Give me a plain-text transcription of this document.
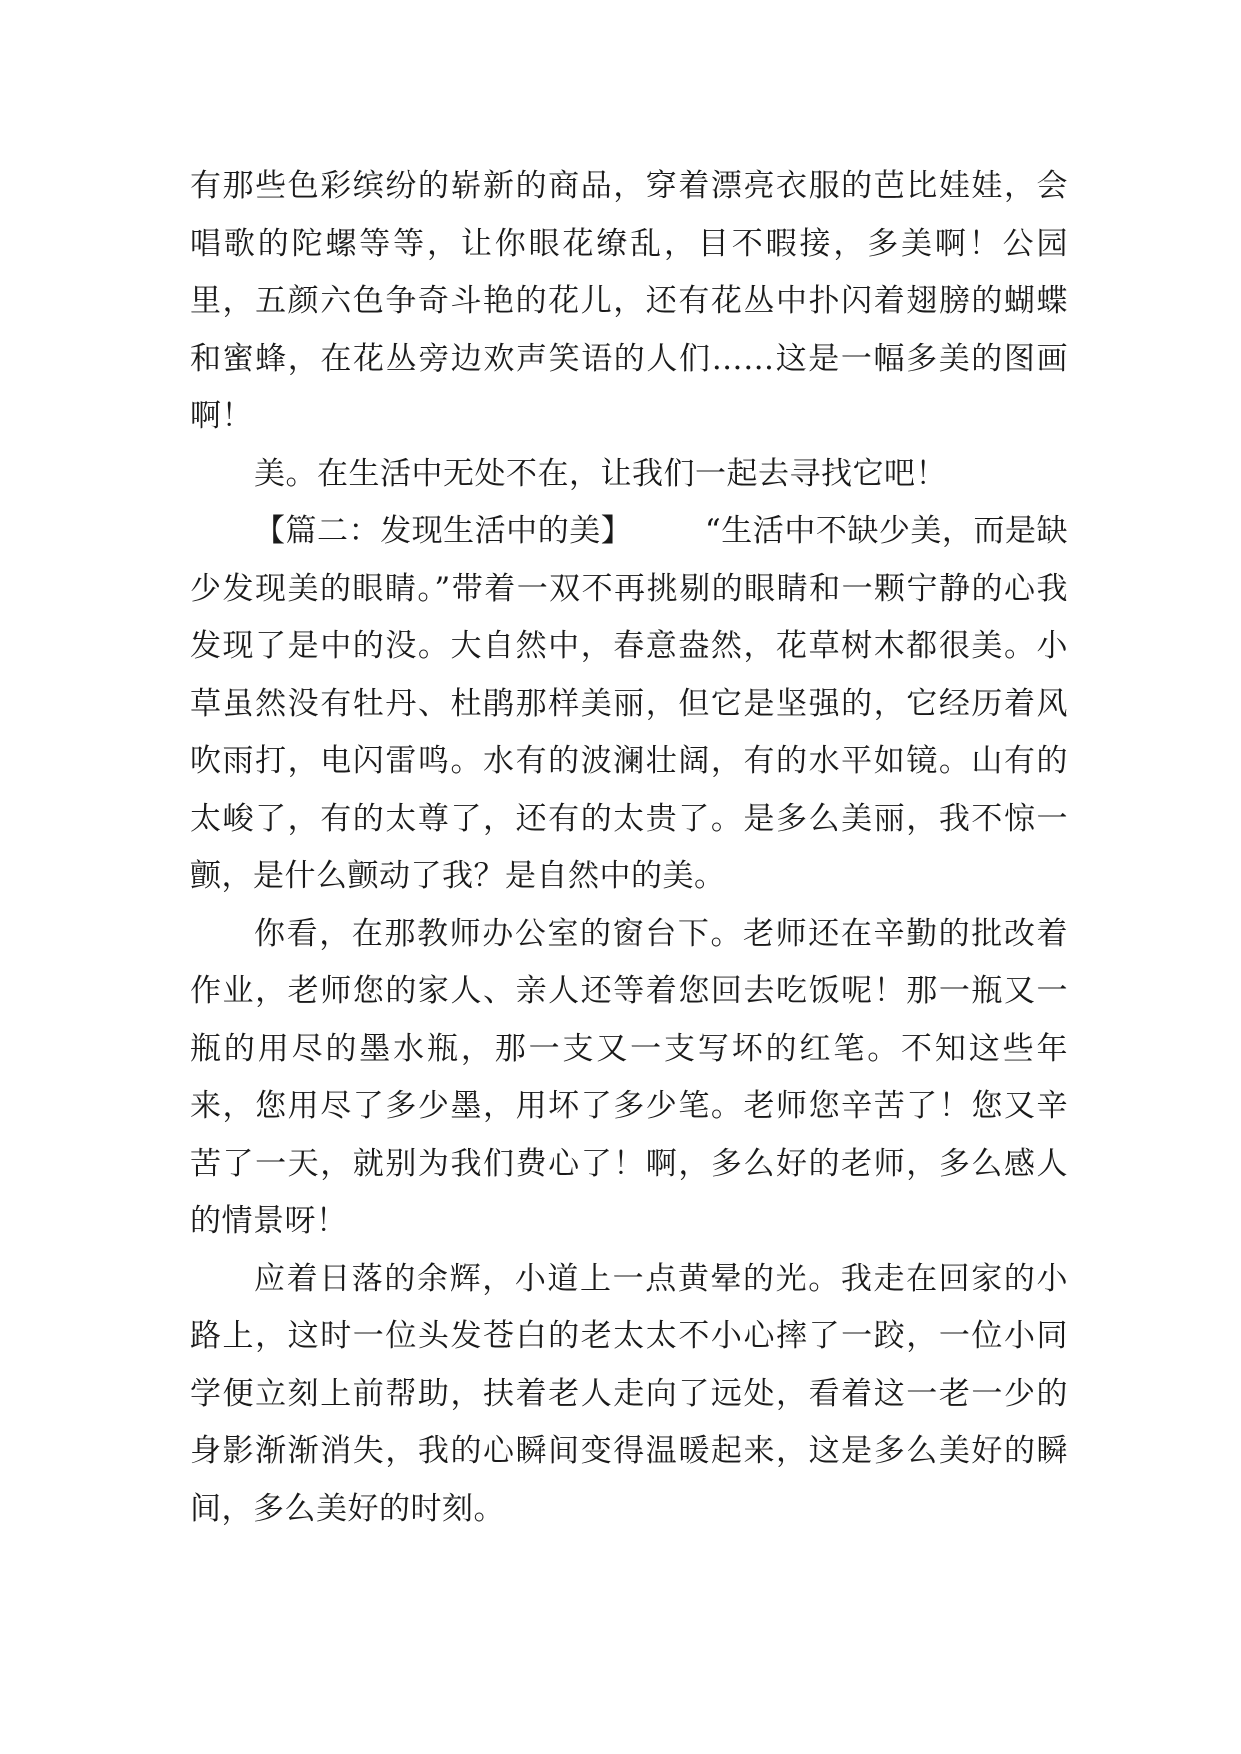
有那些色彩缤纷的崭新的商品，穿着漂亮衣服的芭比娃娃，会唱歌的陀螺等等，让你眼花缭乱，目不暇接，多美啊！公园里，五颜六色争奇斗艳的花儿，还有花丛中扑闪着翅膀的蝴蝶和蜜蜂，在花丛旁边欢声笑语的人们……这是一幅多美的图画啊！

美。在生活中无处不在，让我们一起去寻找它吧！

【篇二：发现生活中的美】 “生活中不缺少美，而是缺少发现美的眼睛。”带着一双不再挑剔的眼睛和一颗宁静的心我发现了是中的没。大自然中，春意盎然，花草树木都很美。小草虽然没有牡丹、杜鹃那样美丽，但它是坚强的，它经历着风吹雨打，电闪雷鸣。水有的波澜壮阔，有的水平如镜。山有的太峻了，有的太尊了，还有的太贵了。是多么美丽，我不惊一颤，是什么颤动了我？是自然中的美。

你看，在那教师办公室的窗台下。老师还在辛勤的批改着作业，老师您的家人、亲人还等着您回去吃饭呢！那一瓶又一瓶的用尽的墨水瓶，那一支又一支写坏的红笔。不知这些年来，您用尽了多少墨，用坏了多少笔。老师您辛苦了！您又辛苦了一天，就别为我们费心了！啊，多么好的老师，多么感人的情景呀！

应着日落的余辉，小道上一点黄晕的光。我走在回家的小路上，这时一位头发苍白的老太太不小心摔了一跤，一位小同学便立刻上前帮助，扶着老人走向了远处，看着这一老一少的身影渐渐消失，我的心瞬间变得温暖起来，这是多么美好的瞬间，多么美好的时刻。
